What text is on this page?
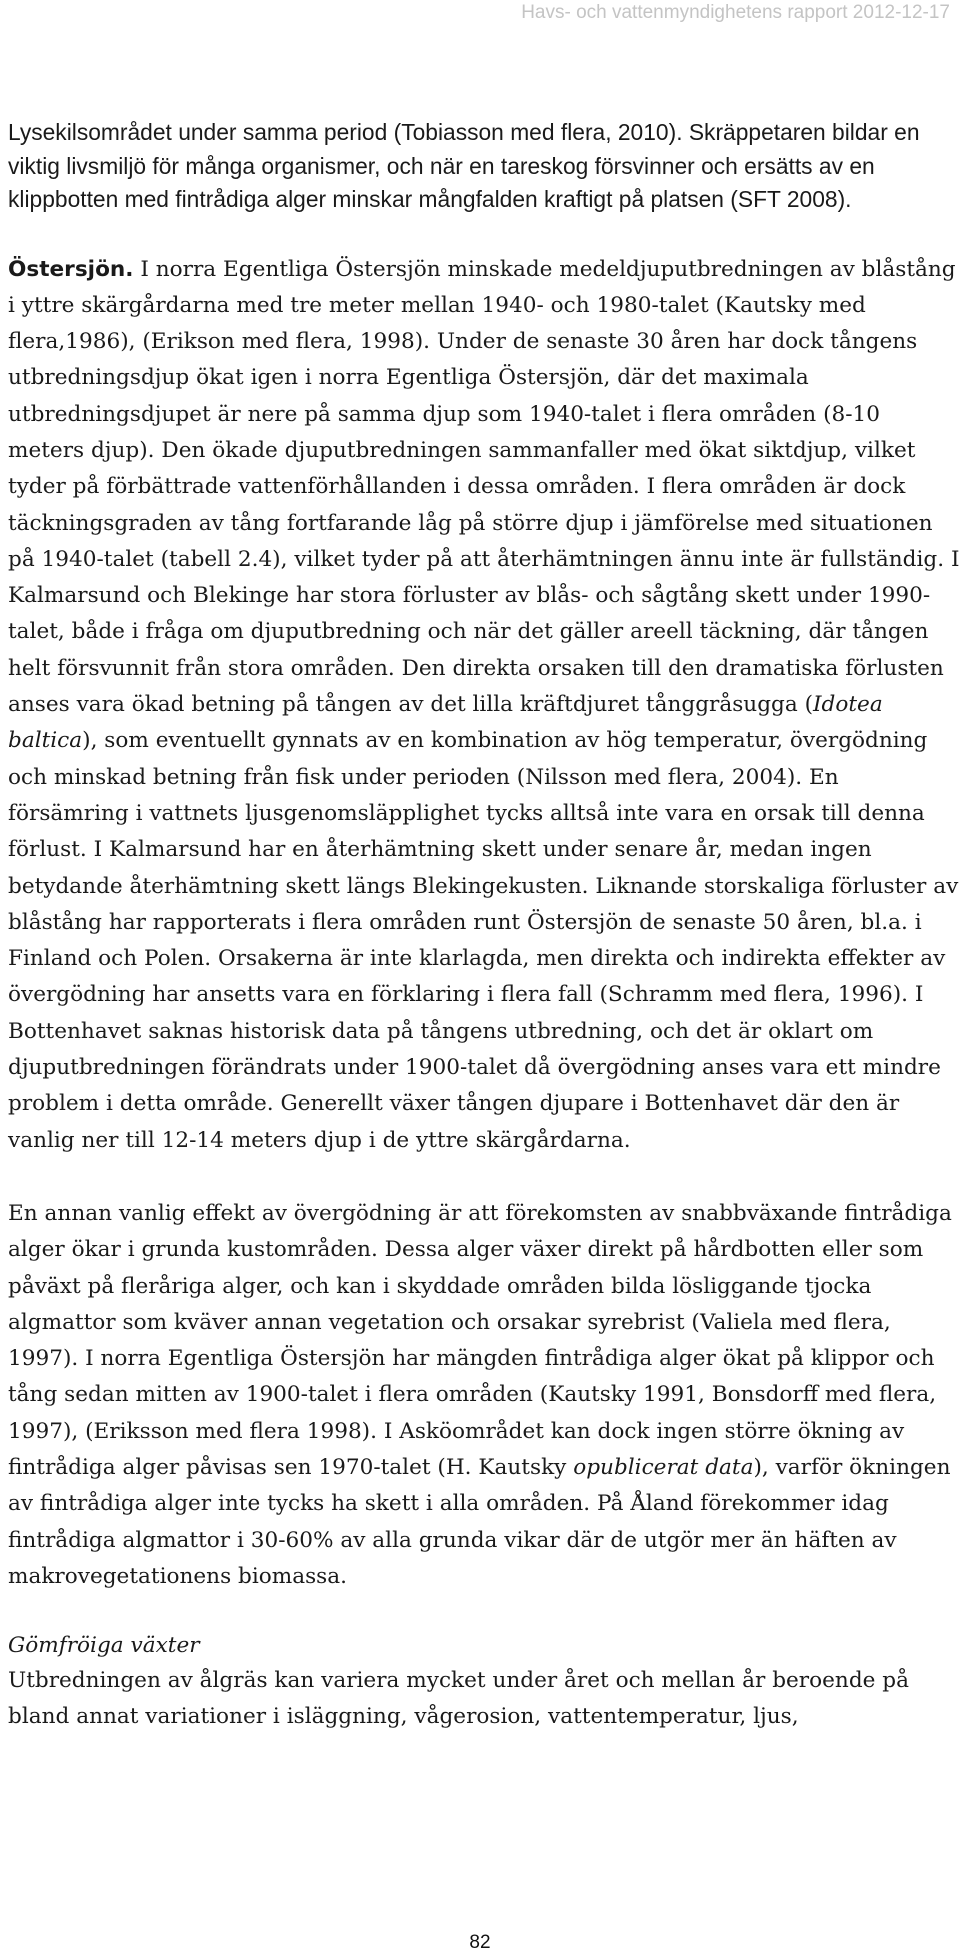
Havs- och vattenmyndighetens rapport 2012-12-17

Lysekilsområdet under samma period (Tobiasson med flera, 2010). Skräppetaren bildar en viktig livsmiljö för många organismer, och när en tareskog försvinner och ersätts av en klippbotten med fintrådiga alger minskar mångfalden kraftigt på platsen (SFT 2008).

Östersjön. I norra Egentliga Östersjön minskade medeldjuputbredningen av blåstång i yttre skärgårdarna med tre meter mellan 1940- och 1980-talet (Kautsky med flera,1986), (Erikson med flera, 1998). Under de senaste 30 åren har dock tångens utbredningsdjup ökat igen i norra Egentliga Östersjön, där det maximala utbredningsdjupet är nere på samma djup som 1940-talet i flera områden (8-10 meters djup). Den ökade djuputbredningen sammanfaller med ökat siktdjup, vilket tyder på förbättrade vattenförhållanden i dessa områden. I flera områden är dock täckningsgraden av tång fortfarande låg på större djup i jämförelse med situationen på 1940-talet (tabell 2.4), vilket tyder på att återhämtningen ännu inte är fullständig. I Kalmarsund och Blekinge har stora förluster av blås- och sågtång skett under 1990-talet, både i fråga om djuputbredning och när det gäller areell täckning, där tången helt försvunnit från stora områden. Den direkta orsaken till den dramatiska förlusten anses vara ökad betning på tången av det lilla kräftdjuret tånggråsugga (Idotea baltica), som eventuellt gynnats av en kombination av hög temperatur, övergödning och minskad betning från fisk under perioden (Nilsson med flera, 2004). En försämring i vattnets ljusgenomsläpplighet tycks alltså inte vara en orsak till denna förlust. I Kalmarsund har en återhämtning skett under senare år, medan ingen betydande återhämtning skett längs Blekingekusten. Liknande storskaliga förluster av blåstång har rapporterats i flera områden runt Östersjön de senaste 50 åren, bl.a. i Finland och Polen. Orsakerna är inte klarlagda, men direkta och indirekta effekter av övergödning har ansetts vara en förklaring i flera fall (Schramm med flera, 1996). I Bottenhavet saknas historisk data på tångens utbredning, och det är oklart om djuputbredningen förändrats under 1900-talet då övergödning anses vara ett mindre problem i detta område. Generellt växer tången djupare i Bottenhavet där den är vanlig ner till 12-14 meters djup i de yttre skärgårdarna.

En annan vanlig effekt av övergödning är att förekomsten av snabbväxande fintrådiga alger ökar i grunda kustområden. Dessa alger växer direkt på hårdbotten eller som påväxt på fleråriga alger, och kan i skyddade områden bilda lösliggande tjocka algmattor som kväver annan vegetation och orsakar syrebrist (Valiela med flera, 1997). I norra Egentliga Östersjön har mängden fintrådiga alger ökat på klippor och tång sedan mitten av 1900-talet i flera områden (Kautsky 1991, Bonsdorff med flera, 1997), (Eriksson med flera 1998). I Asköområdet kan dock ingen större ökning av fintrådiga alger påvisas sen 1970-talet (H. Kautsky opublicerat data), varför ökningen av fintrådiga alger inte tycks ha skett i alla områden. På Åland förekommer idag fintrådiga algmattor i 30-60% av alla grunda vikar där de utgör mer än häften av makrovegetationens biomassa.

Gömfröiga växter

Utbredningen av ålgräs kan variera mycket under året och mellan år beroende på bland annat variationer i isläggning, vågerosion, vattentemperatur, ljus,

82
